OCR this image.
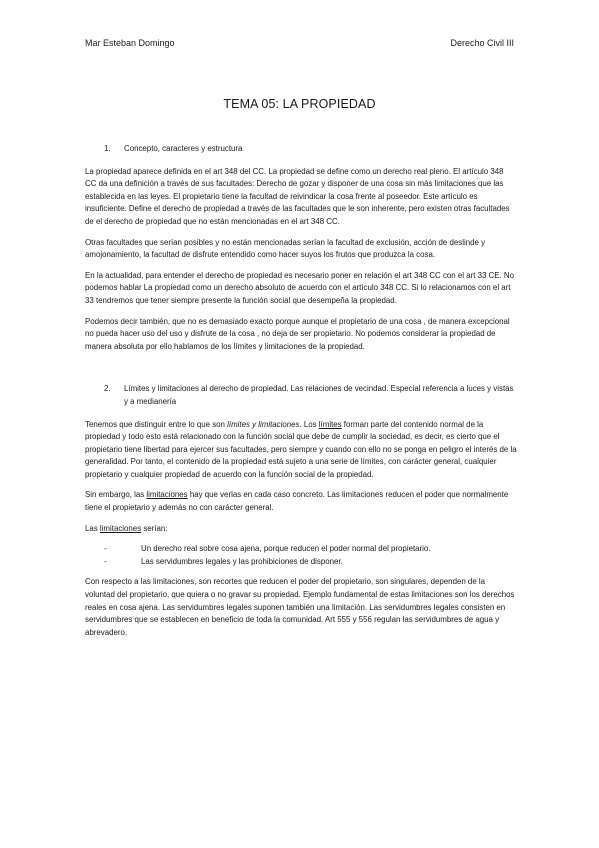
Mar Esteban Domingo	Derecho Civil III
TEMA 05: LA PROPIEDAD
1.	Concepto, caracteres y estructura

La propiedad aparece definida en el art 348 del CC. La propiedad se define como un derecho real pleno. El artículo 348 CC da una definición a través de sus facultades: Derecho de gozar y disponer de una cosa sin más limitaciones que las establecida en las leyes. El propietario tiene la facultad de reivindicar la cosa frente al poseedor. Este artículo es insuficiente. Define el derecho de propiedad a través de las facultades que le son inherente, pero existen otras facultades de el derecho de propiedad que no están mencionadas en el art 348 CC.

Otras facultades que serían posibles y no están mencionadas serían la facultad de exclusión, acción de deslinde y amojonamiento, la facultad de disfrute entendido como hacer suyos los frutos que produzca la cosa.

En la actualidad, para entender el derecho de propiedad es necesario poner en relación el art 348 CC con el art 33 CE. No podemos hablar La propiedad como un derecho absoluto de acuerdo con el artículo 348 CC. Si lo relacionamos con el art 33 tendremos que tener siempre presente la función social que desempeña la propiedad.

Podemos decir también, que no es demasiado exacto porque aunque el propietario de una cosa , de manera excepcional no pueda hacer uso del uso y disfrute de la cosa , no deja de ser propietario. No podemos considerar la propiedad de manera absoluta por ello hablamos de los límites y limitaciones de la propiedad.

2.	Límites y limitaciones al derecho de propiedad. Las relaciones de vecindad. Especial referencia a luces y vistas y a medianería

Tenemos que distinguir entre lo que son límites y limitaciones. Los límites forman parte del contenido normal de la propiedad y todo esto está relacionado con la función social que debe de cumplir la sociedad, es decir, es cierto que el propietario tiene libertad para ejercer sus facultades, pero siempre y cuando con ello no se ponga en peligro el interés de la generalidad. Por tanto, el contenido de la propiedad está sujeto a una serie de límites, con carácter general, cualquier propietario y cualquier propiedad de acuerdo con la función social de la propiedad.

Sin embargo, las limitaciones hay que verlas en cada caso concreto. Las limitaciones reducen el poder que normalmente tiene el propietario y además no con carácter general.

Las limitaciones serían:

-	Un derecho real sobre cosa ajena, porque reducen el poder normal del propietario.
-	Las servidumbres legales y las prohibiciones de disponer.

Con respecto a las limitaciones, son recortes que reducen el poder del propietario, son singulares, dependen de la voluntad del propietario, que quiera o no gravar su propiedad. Ejemplo fundamental de estas limitaciones son los derechos reales en cosa ajena. Las servidumbres legales suponen también una limitación. Las servidumbres legales consisten en servidumbres que se establecen en beneficio de toda la comunidad. Art 555 y 556 regulan las servidumbres de agua y abrevadero.
